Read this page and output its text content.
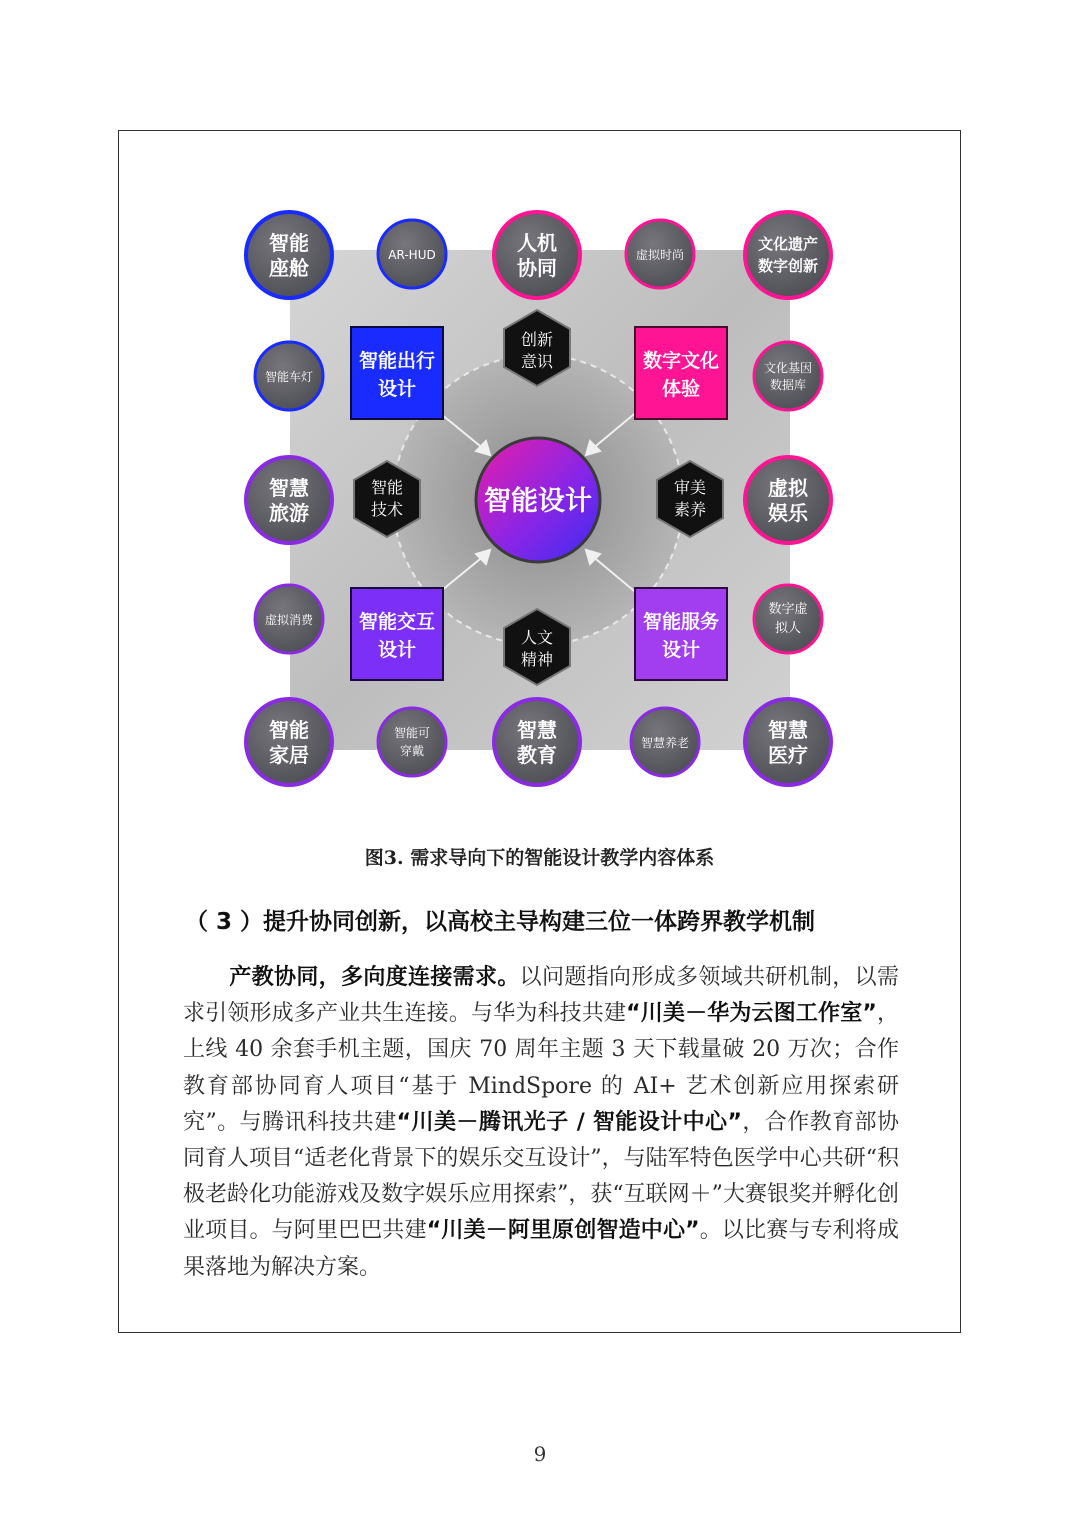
智能设计
智能出行
设计
数字文化
体验
智能交互
设计
智能服务
设计
创新
意识
智能
技术
审美
素养
人文
精神
智能
座舱
AR-HUD	人机
协同
虚拟时尚
文化遗产
数字创新
智能车灯
文化基因
数据库
智慧
旅游
虚拟
娱乐
虚拟消费
数字虚
拟人
智能
家居
智能可
穿戴
智慧
教育	智慧养老
智慧
医疗
图3. 需求导向下的智能设计教学内容体系
（ 3 ）提升协同创新，以高校主导构建三位一体跨界教学机制
产教协同，多向度连接需求。以问题指向形成多领域共研机制，以需求引领形成多产业共生连接。与华为科技共建“川美－华为云图工作室”，上线 40 余套手机主题，国庆 70 周年主题 3 天下载量破 20 万次；合作教育部协同育人项目“基于 MindSpore 的 AI+ 艺术创新应用探索研究”。与腾讯科技共建“川美－腾讯光子 / 智能设计中心”，合作教育部协同育人项目“适老化背景下的娱乐交互设计”，与陆军特色医学中心共研“积极老龄化功能游戏及数字娱乐应用探索”，获“互联网＋”大赛银奖并孵化创业项目。与阿里巴巴共建“川美－阿里原创智造中心”。以比赛与专利将成果落地为解决方案。
9
